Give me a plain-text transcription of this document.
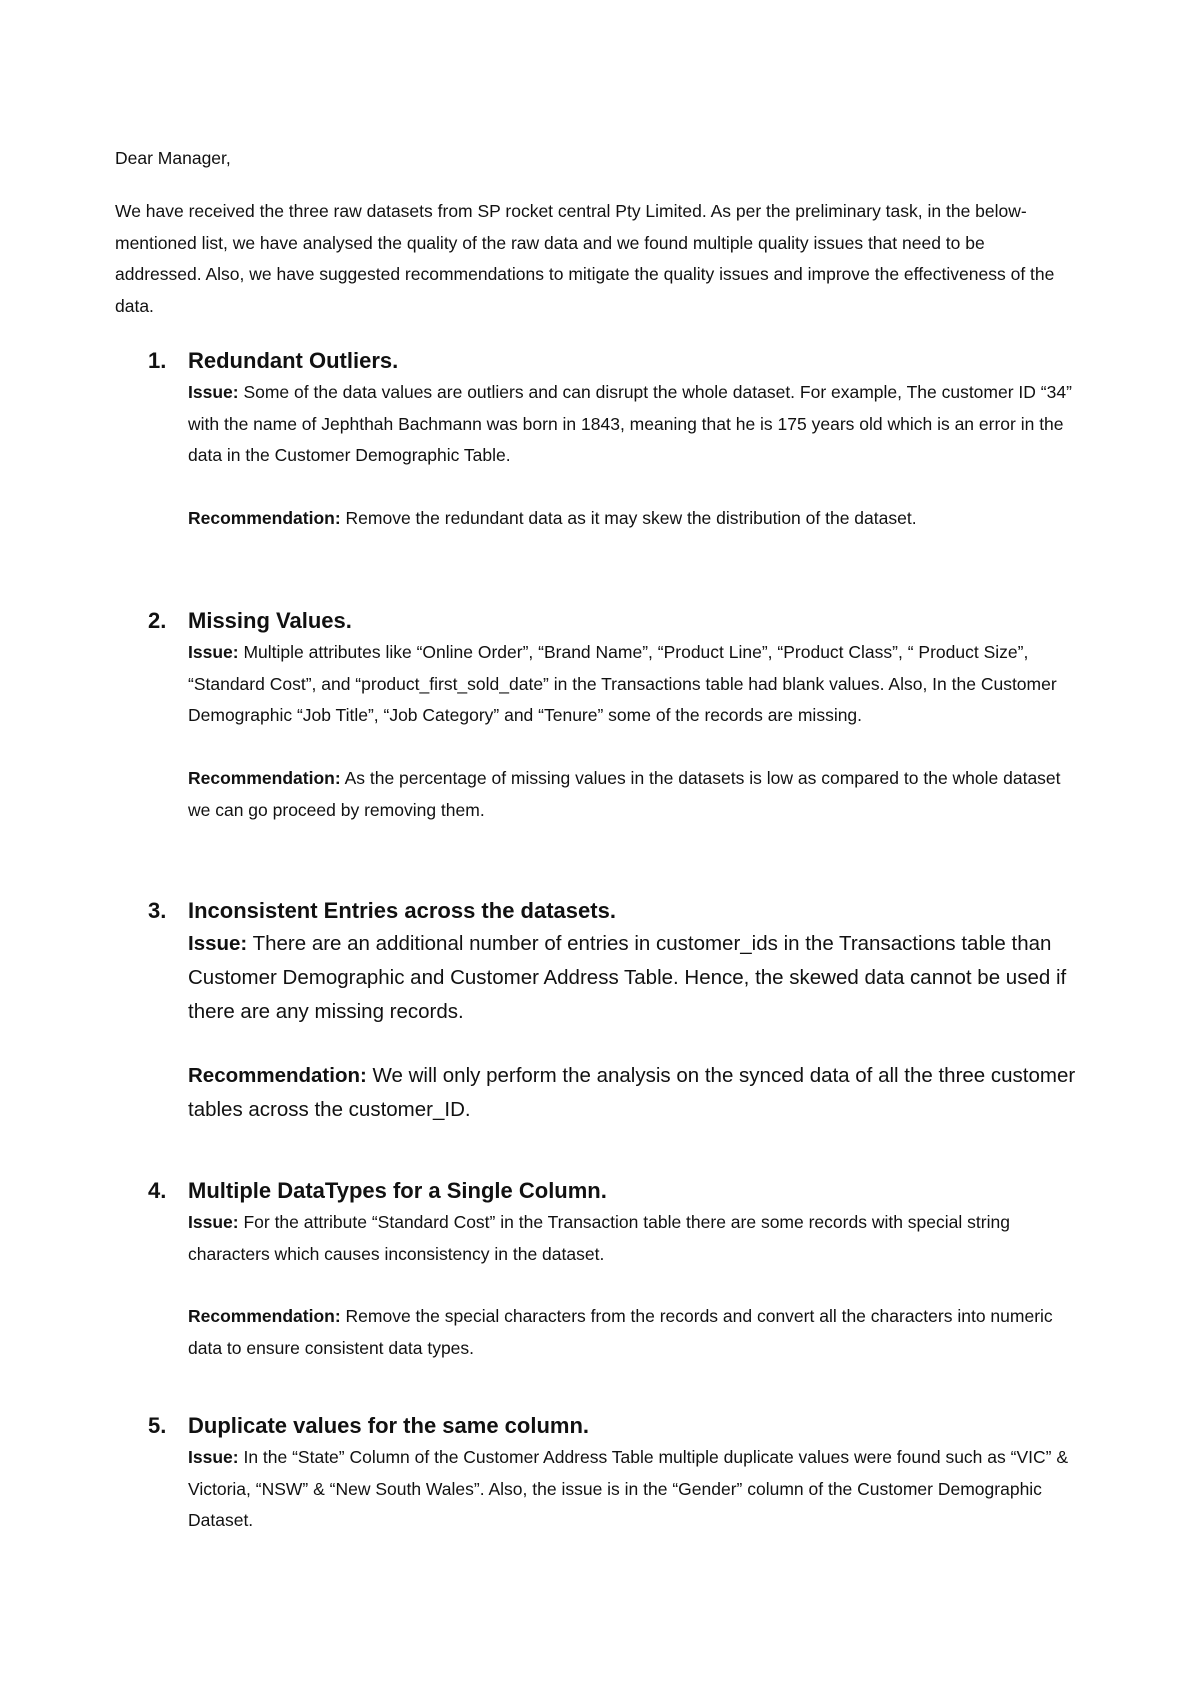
Dear Manager,
We have received the three raw datasets from SP rocket central Pty Limited. As per the preliminary task, in the below-mentioned list, we have analysed the quality of the raw data and we found multiple quality issues that need to be addressed. Also, we have suggested recommendations to mitigate the quality issues and improve the effectiveness of the data.
1. Redundant Outliers.

Issue: Some of the data values are outliers and can disrupt the whole dataset. For example, The customer ID “34” with the name of Jephthah Bachmann was born in 1843, meaning that he is 175 years old which is an error in the data in the Customer Demographic Table.

Recommendation: Remove the redundant data as it may skew the distribution of the dataset.

2. Missing Values.

Issue: Multiple attributes like “Online Order”, “Brand Name”, “Product Line”, “Product Class”, “ Product Size”, “Standard Cost”, and “product_first_sold_date” in the Transactions table had blank values. Also, In the Customer Demographic “Job Title”, “Job Category” and “Tenure” some of the records are missing.

Recommendation: As the percentage of missing values in the datasets is low as compared to the whole dataset we can go proceed by removing them.

3. Inconsistent Entries across the datasets.

Issue: There are an additional number of entries in customer_ids in the Transactions table than Customer Demographic and Customer Address Table. Hence, the skewed data cannot be used if there are any missing records.

Recommendation: We will only perform the analysis on the synced data of all the three customer tables across the customer_ID.

4. Multiple DataTypes for a Single Column.

Issue: For the attribute “Standard Cost” in the Transaction table there are some records with special string characters which causes inconsistency in the dataset.

Recommendation: Remove the special characters from the records and convert all the characters into numeric data to ensure consistent data types.

5. Duplicate values for the same column.

Issue: In the “State” Column of the Customer Address Table multiple duplicate values were found such as “VIC” & Victoria, “NSW” & “New South Wales”. Also, the issue is in the “Gender” column of the Customer Demographic Dataset.
